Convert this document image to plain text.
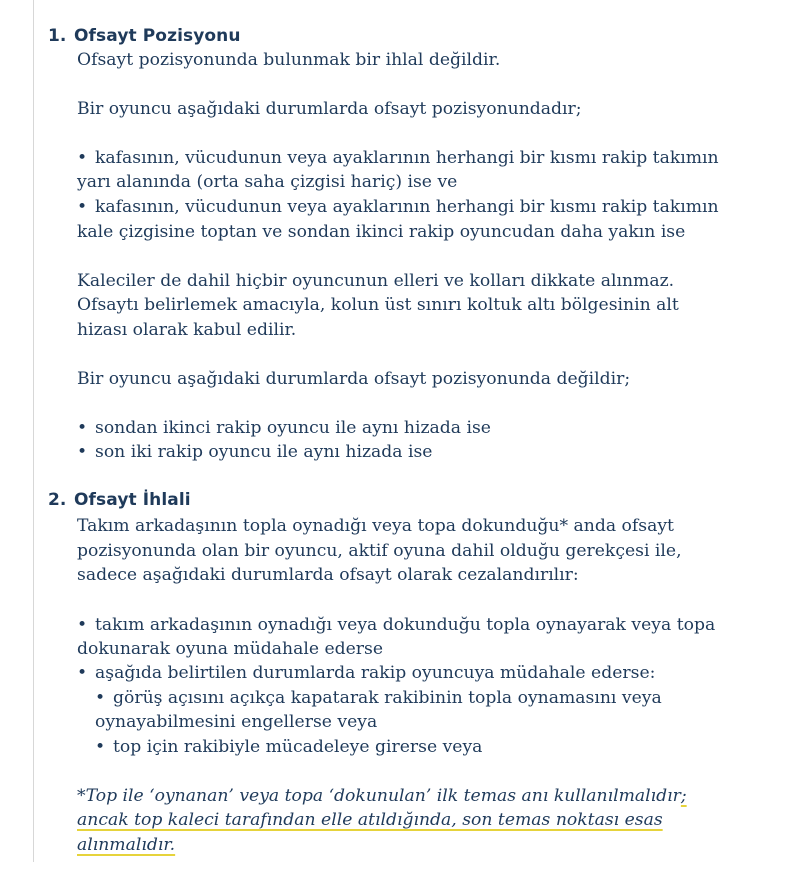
1. Ofsayt Pozisyonu
Ofsayt pozisyonunda bulunmak bir ihlal değildir.
Bir oyuncu aşağıdaki durumlarda ofsayt pozisyonundadır;
• kafasının, vücudunun veya ayaklarının herhangi bir kısmı rakip takımın
yarı alanında (orta saha çizgisi hariç) ise ve
• kafasının, vücudunun veya ayaklarının herhangi bir kısmı rakip takımın
kale çizgisine toptan ve sondan ikinci rakip oyuncudan daha yakın ise
Kaleciler de dahil hiçbir oyuncunun elleri ve kolları dikkate alınmaz.
Ofsaytı belirlemek amacıyla, kolun üst sınırı koltuk altı bölgesinin alt
hizası olarak kabul edilir.
Bir oyuncu aşağıdaki durumlarda ofsayt pozisyonunda değildir;
• sondan ikinci rakip oyuncu ile aynı hizada ise
• son iki rakip oyuncu ile aynı hizada ise
2. Ofsayt İhlali
Takım arkadaşının topla oynadığı veya topa dokunduğu* anda ofsayt
pozisyonunda olan bir oyuncu, aktif oyuna dahil olduğu gerekçesi ile,
sadece aşağıdaki durumlarda ofsayt olarak cezalandırılır:
• takım arkadaşının oynadığı veya dokunduğu topla oynayarak veya topa
dokunarak oyuna müdahale ederse
• aşağıda belirtilen durumlarda rakip oyuncuya müdahale ederse:
• görüş açısını açıkça kapatarak rakibinin topla oynamasını veya
oynayabilmesini engellerse veya
• top için rakibiyle mücadeleye girerse veya
*Top ile ‘oynanan’ veya topa ‘dokunulan’ ilk temas anı kullanılmalıdır;
ancak top kaleci tarafından elle atıldığında, son temas noktası esas
alınmalıdır.
